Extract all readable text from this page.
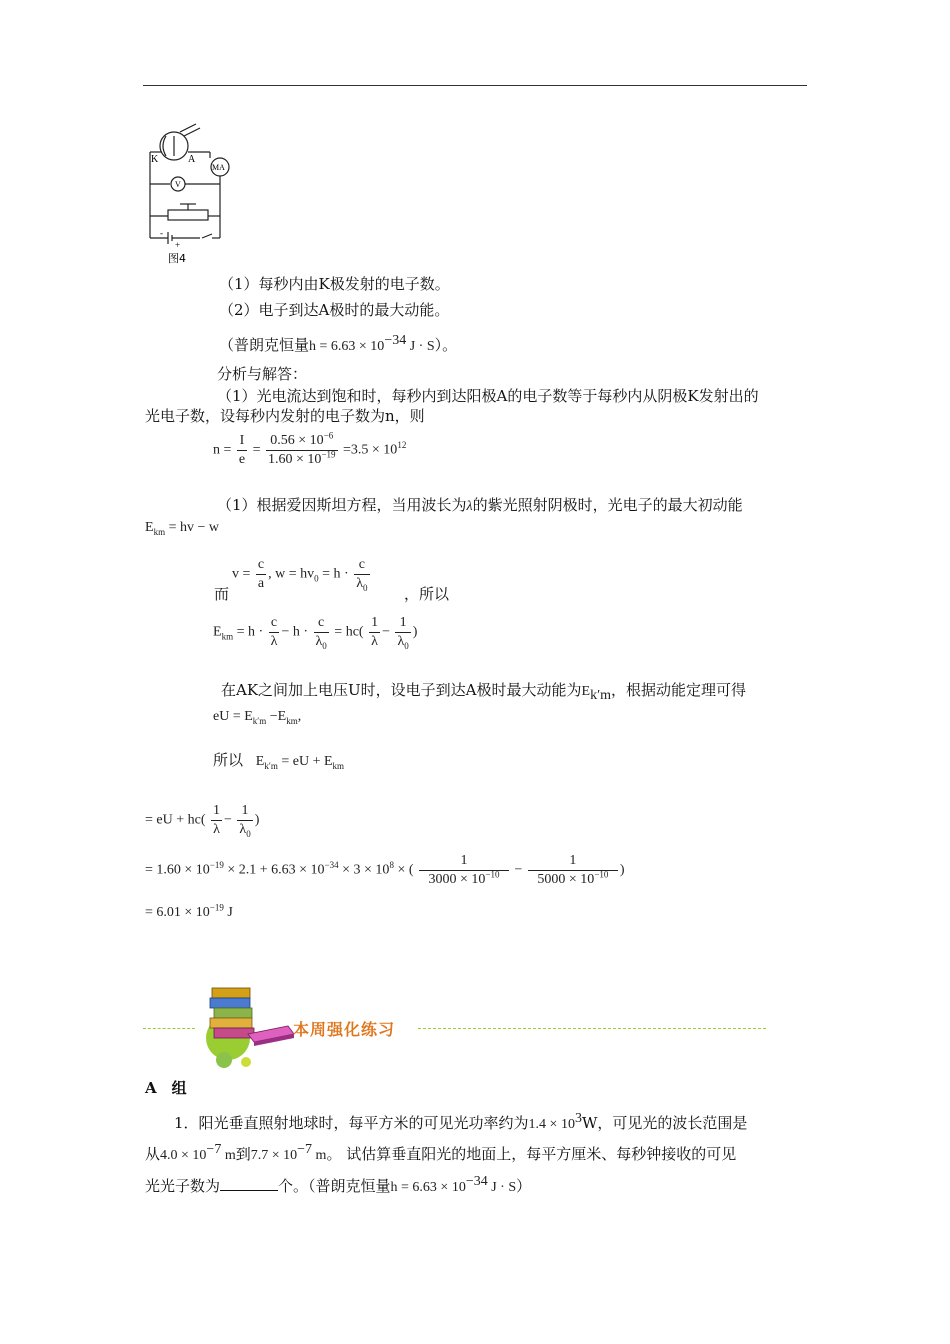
K	A
MA
V
-
+
图4
（1）每秒内由K极发射的电子数。
（2）电子到达A极时的最大动能。
（普朗克恒量$h = 6.63 \times 10^{-34}$ J · S）。
分析与解答：
（1）光电流达到饱和时，每秒内到达阳极A的电子数等于每秒内从阴极K发射出的
光电子数，设每秒内发射的电子数为n，则
$n = \frac{I}{e} = \frac{0.56 \times 10^{-6}}{1.60 \times 10^{-19}} =3.5 \times 10^{12}$
（1）根据爱因斯坦方程，当用波长为λ的紫光照射阴极时，光电子的最大初动能
$E_{km}$ = hv − w
$v = \frac{c}{a}$ , $w = hv_0 = h \cdot \frac{c}{\lambda_0}$
而	，所以
$E_{km} = h \cdot \frac{c}{\lambda} - h \cdot \frac{c}{\lambda_0} = hc( \frac{1}{\lambda} - \frac{1}{\lambda_0}$ )
在AK之间加上电压U时，设电子到达A极时最大动能为$E_{k'm}$，根据动能定理可得
eU = $E_{k'm} -E_{km}$,
所以 $E_{k'm}$ = eU + $E_{km}$
= eU + $hc( \frac{1}{\lambda} - \frac{1}{\lambda_0}$ )
= $1.60 \times 10^{-19} \times 2.1 + 6.63 \times 10^{-34} \times 3 \times 10^8$ × ( $\frac{1}{3000 \times 10^{-10}} - \frac{1}{5000 \times 10^{-10}}$ )
= $6.01 \times 10^{-19}$ J
本周强化练习
A　组
1．阳光垂直照射地球时，每平方米的可见光功率约为$1.4 \times 10^3W$，可见光的波长范围是
从$4.0 \times 10^{-7}$ m到$7.7 \times 10^{-7}$ m。 试估算垂直阳光的地面上，每平方厘米、每秒钟接收的可见
光光子数为	个。（普朗克恒量$h = 6.63 \times 10^{-34}$ J · S）
